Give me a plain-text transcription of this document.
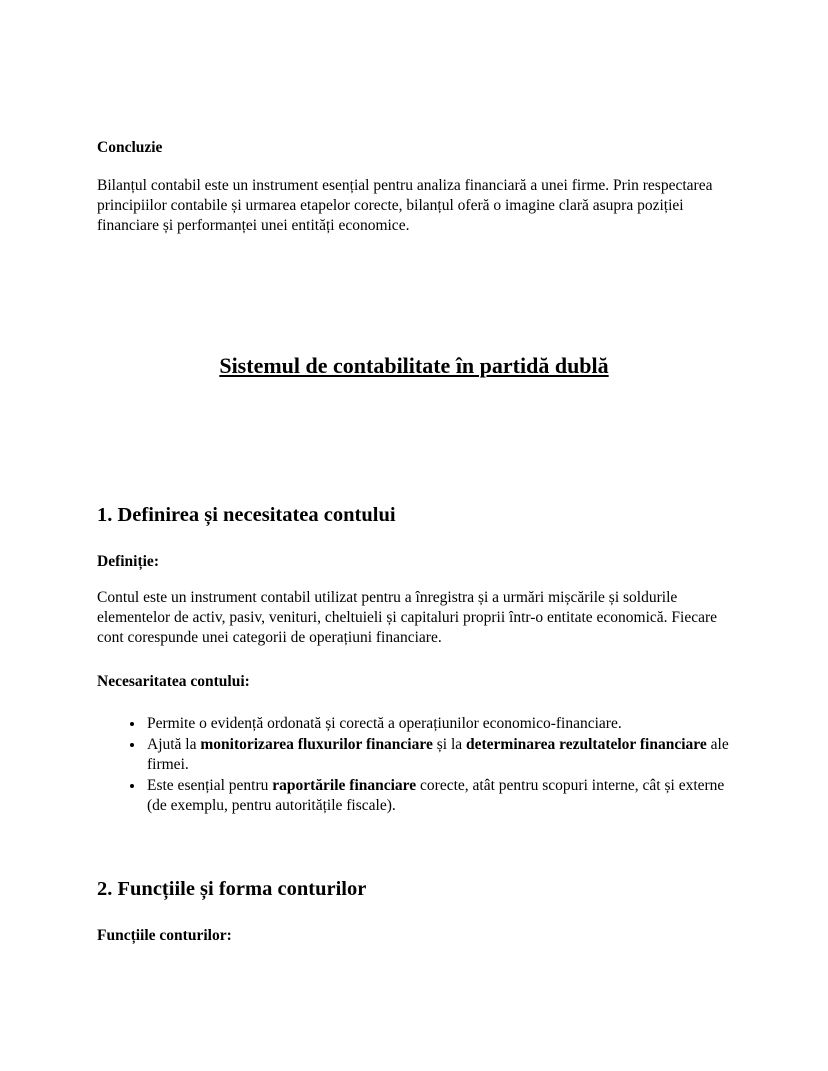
Concluzie

Bilanțul contabil este un instrument esențial pentru analiza financiară a unei firme. Prin respectarea principiilor contabile și urmarea etapelor corecte, bilanțul oferă o imagine clară asupra poziției financiare și performanței unei entități economice.

Sistemul de contabilitate în partidă dublă
1. Definirea și necesitatea contului

Definiție:

Contul este un instrument contabil utilizat pentru a înregistra și a urmări mișcările și soldurile elementelor de activ, pasiv, venituri, cheltuieli și capitaluri proprii într-o entitate economică. Fiecare cont corespunde unei categorii de operațiuni financiare.

Necesaritatea contului:

• Permite o evidență ordonată și corectă a operațiunilor economico-financiare.
• Ajută la monitorizarea fluxurilor financiare și la determinarea rezultatelor financiare ale firmei.
• Este esențial pentru raportările financiare corecte, atât pentru scopuri interne, cât și externe (de exemplu, pentru autoritățile fiscale).
2. Funcțiile și forma conturilor

Funcțiile conturilor:
